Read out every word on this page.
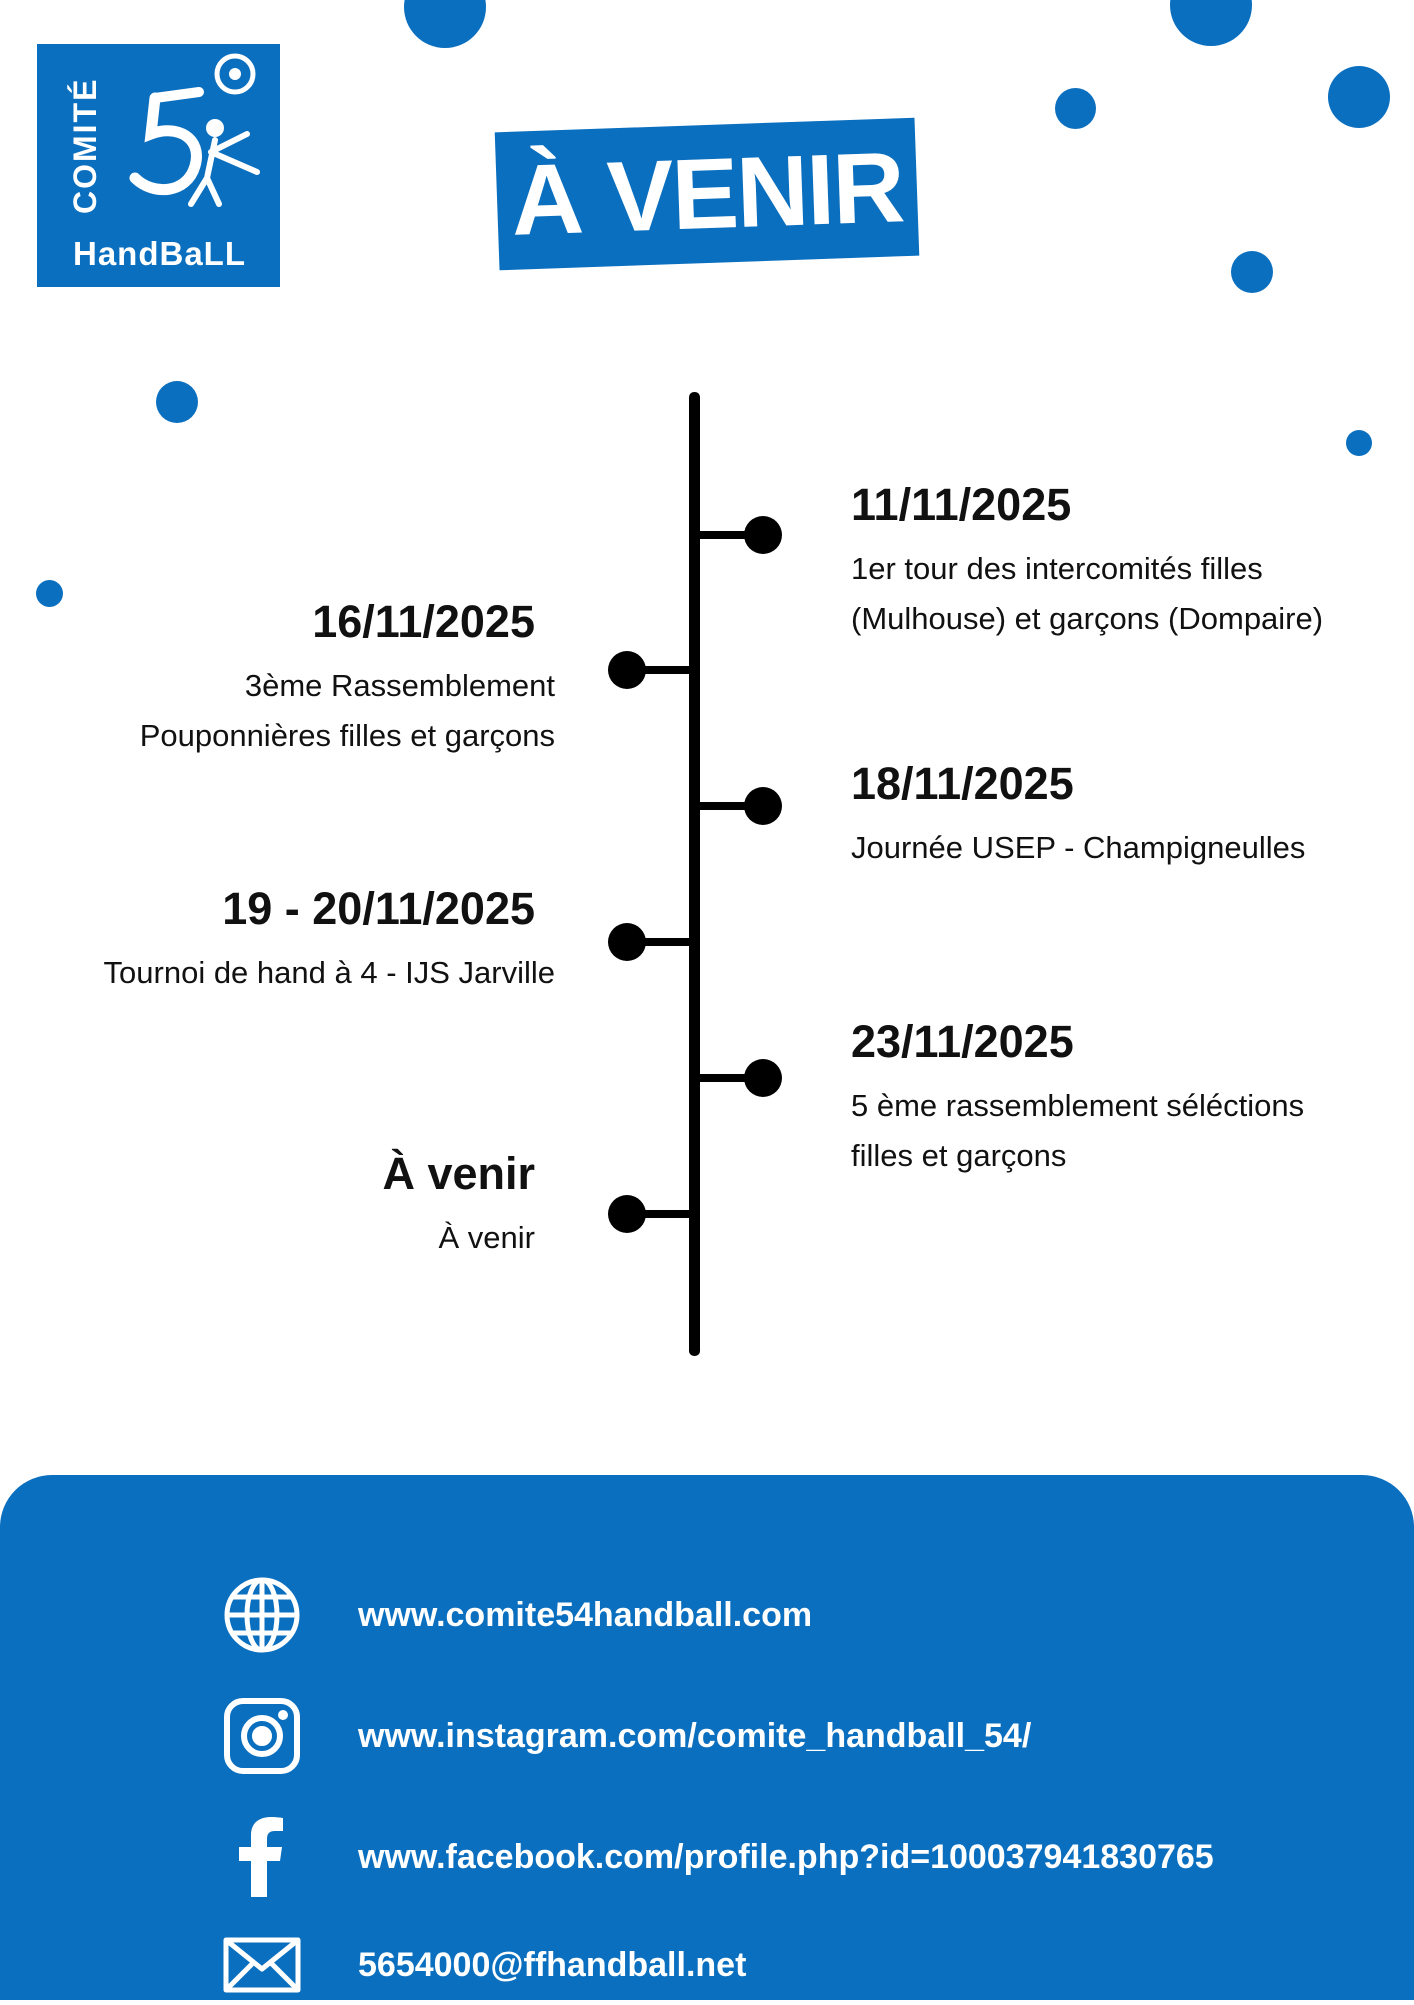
COMITÉ
HandBaLL	À VENIR
11/11/2025
1er tour des intercomités filles
(Mulhouse) et garçons (Dompaire)
18/11/2025
Journée USEP - Champigneulles
23/11/2025
5 ème rassemblement séléctions
filles et garçons
16/11/2025
3ème Rassemblement
Pouponnières filles et garçons
19 - 20/11/2025
Tournoi de hand à 4 - IJS Jarville
À venir
À venir
www.comite54handball.com
www.instagram.com/comite_handball_54/
www.facebook.com/profile.php?id=100037941830765
5654000@ffhandball.net
